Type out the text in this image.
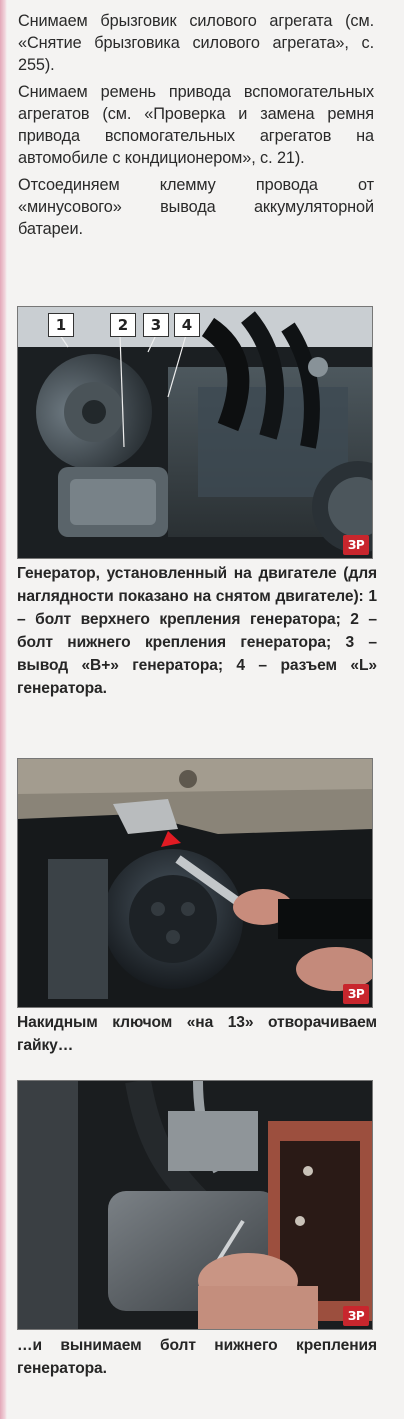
Снимаем брызговик силового агрегата (см. «Снятие брызговика силового агрегата», с. 255).

Снимаем ремень привода вспомогательных агрегатов (см. «Проверка и замена ремня привода вспомогательных агрегатов на автомобиле с кондиционером», с. 21).

Отсоединяем клемму провода от «минусового» вывода аккумуляторной батареи.

1	2	3	4
ЗР

Генератор, установленный на двигателе (для наглядности показано на снятом двигателе): 1 – болт верхнего крепления генератора; 2 – болт нижнего крепления генератора; 3 – вывод «В+» генератора; 4 – разъем «L» генератора.

ЗР

Накидным ключом «на 13» отворачиваем гайку…

ЗР

…и вынимаем болт нижнего крепления генератора.
